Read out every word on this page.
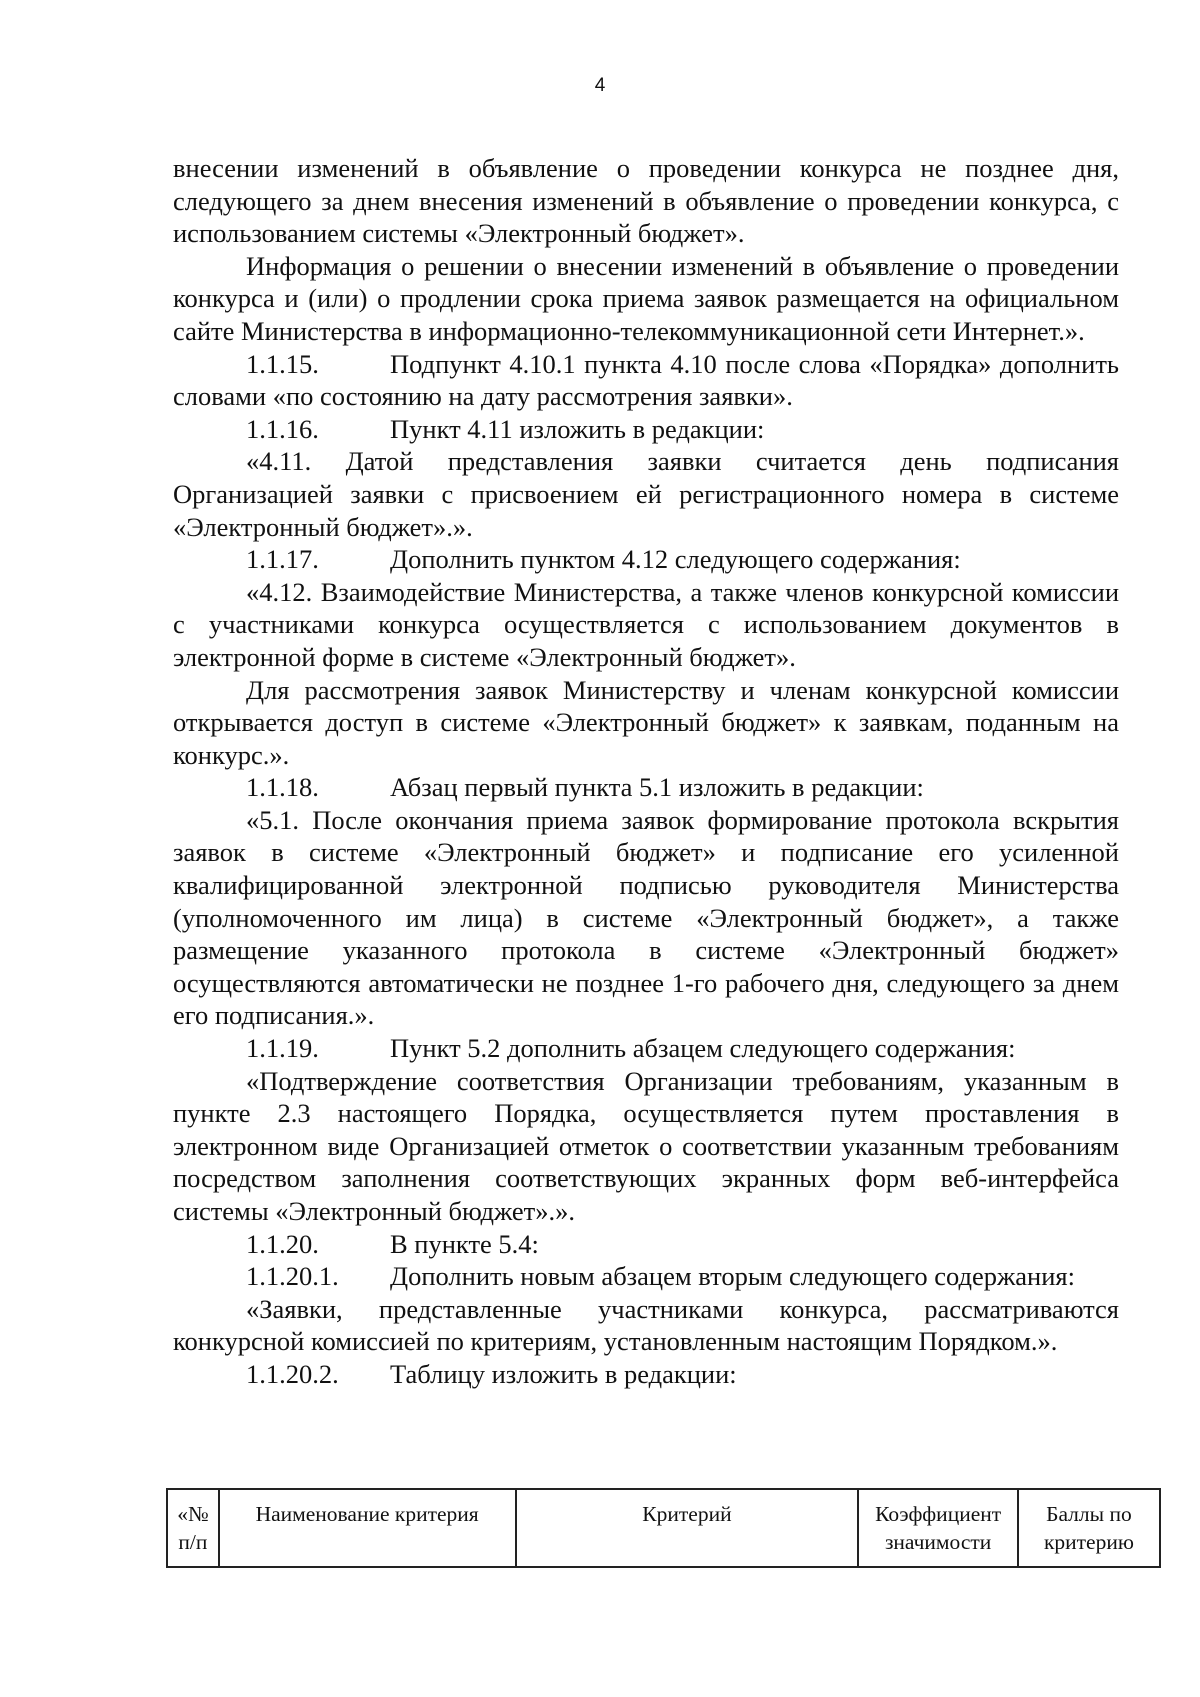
4

внесении изменений в объявление о проведении конкурса не позднее дня, следующего за днем внесения изменений в объявление о проведении конкурса, с использованием системы «Электронный бюджет».

Информация о решении о внесении изменений в объявление о проведении конкурса и (или) о продлении срока приема заявок размещается на официальном сайте Министерства в информационно-телекоммуникационной сети Интернет.».

1.1.15.	Подпункт 4.10.1 пункта 4.10 после слова «Порядка» дополнить словами «по состоянию на дату рассмотрения заявки».

1.1.16.	Пункт 4.11 изложить в редакции:

«4.11. Датой представления заявки считается день подписания Организацией заявки с присвоением ей регистрационного номера в системе «Электронный бюджет».».

1.1.17.	Дополнить пунктом 4.12 следующего содержания:

«4.12. Взаимодействие Министерства, а также членов конкурсной комиссии с участниками конкурса осуществляется с использованием документов в электронной форме в системе «Электронный бюджет».

Для рассмотрения заявок Министерству и членам конкурсной комиссии открывается доступ в системе «Электронный бюджет» к заявкам, поданным на конкурс.».

1.1.18.	Абзац первый пункта 5.1 изложить в редакции:

«5.1. После окончания приема заявок формирование протокола вскрытия заявок в системе «Электронный бюджет» и подписание его усиленной квалифицированной электронной подписью руководителя Министерства (уполномоченного им лица) в системе «Электронный бюджет», а также размещение указанного протокола в системе «Электронный бюджет» осуществляются автоматически не позднее 1-го рабочего дня, следующего за днем его подписания.».

1.1.19.	Пункт 5.2 дополнить абзацем следующего содержания:

«Подтверждение соответствия Организации требованиям, указанным в пункте 2.3 настоящего Порядка, осуществляется путем проставления в электронном виде Организацией отметок о соответствии указанным требованиям посредством заполнения соответствующих экранных форм веб-интерфейса системы «Электронный бюджет».».

1.1.20.	В пункте 5.4:

1.1.20.1. Дополнить новым абзацем вторым следующего содержания:

«Заявки, представленные участниками конкурса, рассматриваются конкурсной комиссией по критериям, установленным настоящим Порядком.».

1.1.20.2. Таблицу изложить в редакции:

«№ п/п	Наименование критерия	Критерий	Коэффициент значимости	Баллы по критерию
